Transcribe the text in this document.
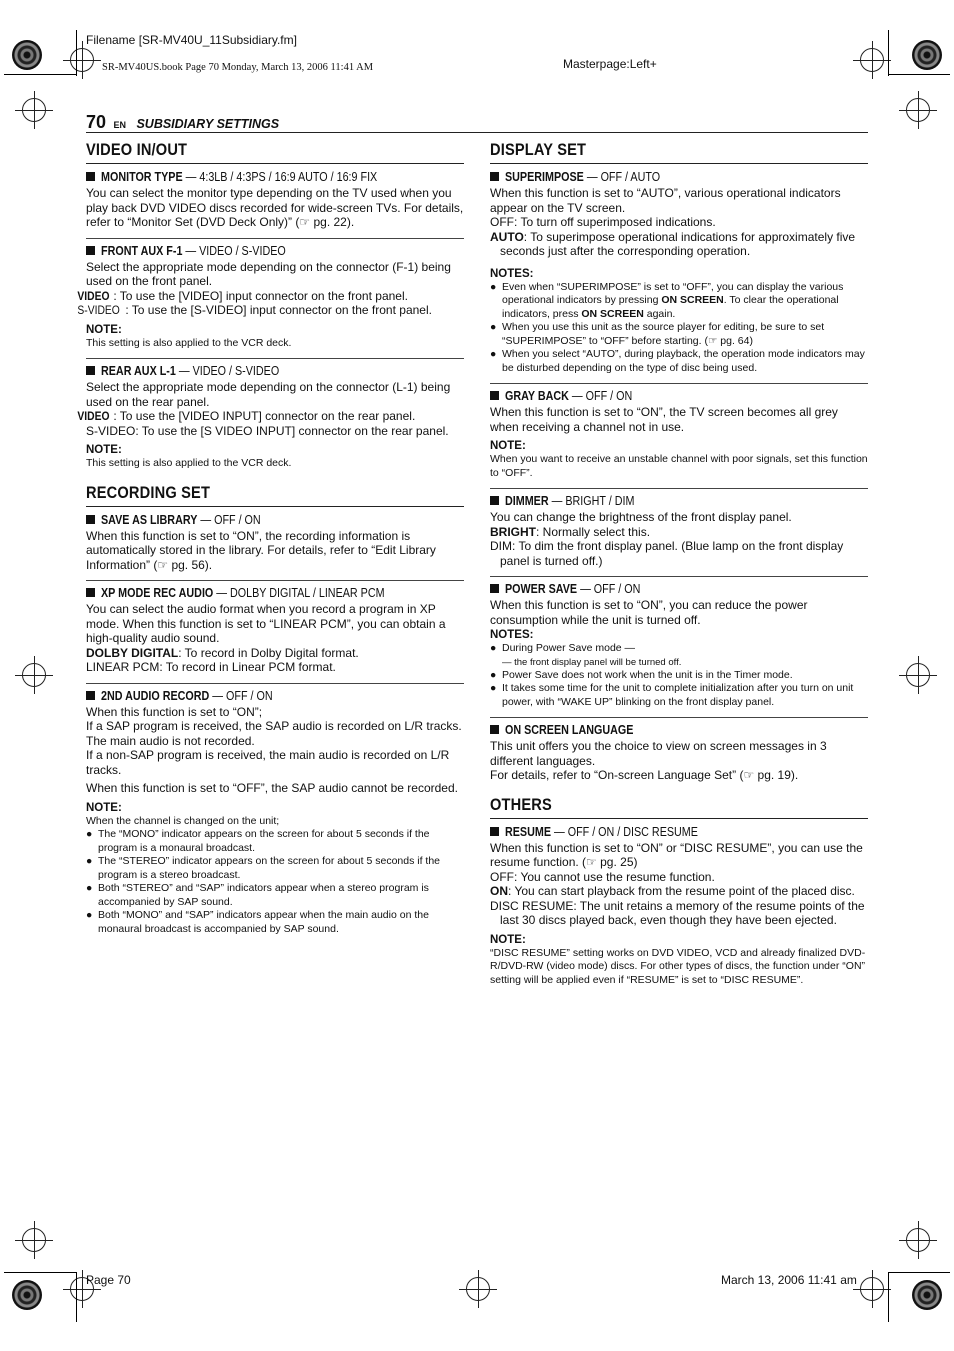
Filename [SR-MV40U_11Subsidiary.fm]
SR-MV40US.book Page 70 Monday, March 13, 2006 11:41 AM	Masterpage:Left+
70 EN SUBSIDIARY SETTINGS
VIDEO IN/OUT
MONITOR TYPE — 4:3LB / 4:3PS / 16:9 AUTO / 16:9 FIX

You can select the monitor type depending on the TV used when you play back DVD VIDEO discs recorded for wide-screen TVs. For details, refer to “Monitor Set (DVD Deck Only)” (☞ pg. 22).

FRONT AUX F-1 — VIDEO / S-VIDEO

Select the appropriate mode depending on the connector (F-1) being used on the front panel.

VIDEO : To use the [VIDEO] input connector on the front panel.

S-VIDEO : To use the [S-VIDEO] input connector on the front panel.

NOTE:
This setting is also applied to the VCR deck.
REAR AUX L-1 — VIDEO / S-VIDEO

Select the appropriate mode depending on the connector (L-1) being used on the rear panel.

VIDEO : To use the [VIDEO INPUT] connector on the rear panel.

S-VIDEO: To use the [S VIDEO INPUT] connector on the rear panel.

NOTE:
This setting is also applied to the VCR deck.
RECORDING SET
SAVE AS LIBRARY — OFF / ON

When this function is set to “ON”, the recording information is automatically stored in the library. For details, refer to “Edit Library Information” (☞ pg. 56).

XP MODE REC AUDIO — DOLBY DIGITAL / LINEAR PCM

You can select the audio format when you record a program in XP mode. When this function is set to “LINEAR PCM”, you can obtain a high-quality audio sound.

DOLBY DIGITAL: To record in Dolby Digital format.

LINEAR PCM: To record in Linear PCM format.

2ND AUDIO RECORD — OFF / ON

When this function is set to “ON”;

If a SAP program is received, the SAP audio is recorded on L/R tracks. The main audio is not recorded.

If a non-SAP program is received, the main audio is recorded on L/R tracks.

When this function is set to “OFF”, the SAP audio cannot be recorded.

NOTE:
When the channel is changed on the unit;
● The “MONO” indicator appears on the screen for about 5 seconds if the program is a monaural broadcast.
● The “STEREO” indicator appears on the screen for about 5 seconds if the program is a stereo broadcast.
● Both “STEREO” and “SAP” indicators appear when a stereo program is accompanied by SAP sound.
● Both “MONO” and “SAP” indicators appear when the main audio on the monaural broadcast is accompanied by SAP sound.
DISPLAY SET
SUPERIMPOSE — OFF / AUTO

When this function is set to “AUTO”, various operational indicators appear on the TV screen.

OFF: To turn off superimposed indications.

AUTO: To superimpose operational indications for approximately five seconds just after the corresponding operation.

NOTES:
● Even when “SUPERIMPOSE” is set to “OFF”, you can display the various operational indicators by pressing ON SCREEN. To clear the operational indicators, press ON SCREEN again.
● When you use this unit as the source player for editing, be sure to set “SUPERIMPOSE” to “OFF” before starting. (☞ pg. 64)
● When you select “AUTO”, during playback, the operation mode indicators may be disturbed depending on the type of disc being used.
GRAY BACK — OFF / ON

When this function is set to “ON”, the TV screen becomes all grey when receiving a channel not in use.

NOTE:
When you want to receive an unstable channel with poor signals, set this function to “OFF”.
DIMMER — BRIGHT / DIM

You can change the brightness of the front display panel.

BRIGHT: Normally select this.

DIM: To dim the front display panel. (Blue lamp on the front display panel is turned off.)

POWER SAVE — OFF / ON

When this function is set to “ON”, you can reduce the power consumption while the unit is turned off.

NOTES:
● During Power Save mode —
— the front display panel will be turned off.
● Power Save does not work when the unit is in the Timer mode.
● It takes some time for the unit to complete initialization after you turn on unit power, with “WAKE UP” blinking on the front display panel.
ON SCREEN LANGUAGE

This unit offers you the choice to view on screen messages in 3 different languages.

For details, refer to “On-screen Language Set” (☞ pg. 19).

OTHERS
RESUME — OFF / ON / DISC RESUME

When this function is set to “ON” or “DISC RESUME”, you can use the resume function. (☞ pg. 25)

OFF: You cannot use the resume function.

ON: You can start playback from the resume point of the placed disc.

DISC RESUME: The unit retains a memory of the resume points of the last 30 discs played back, even though they have been ejected.

NOTE:
“DISC RESUME” setting works on DVD VIDEO, VCD and already finalized DVD-R/DVD-RW (video mode) discs. For other types of discs, the function under “ON” setting will be applied even if “RESUME” is set to “DISC RESUME”.
Page 70	March 13, 2006 11:41 am
